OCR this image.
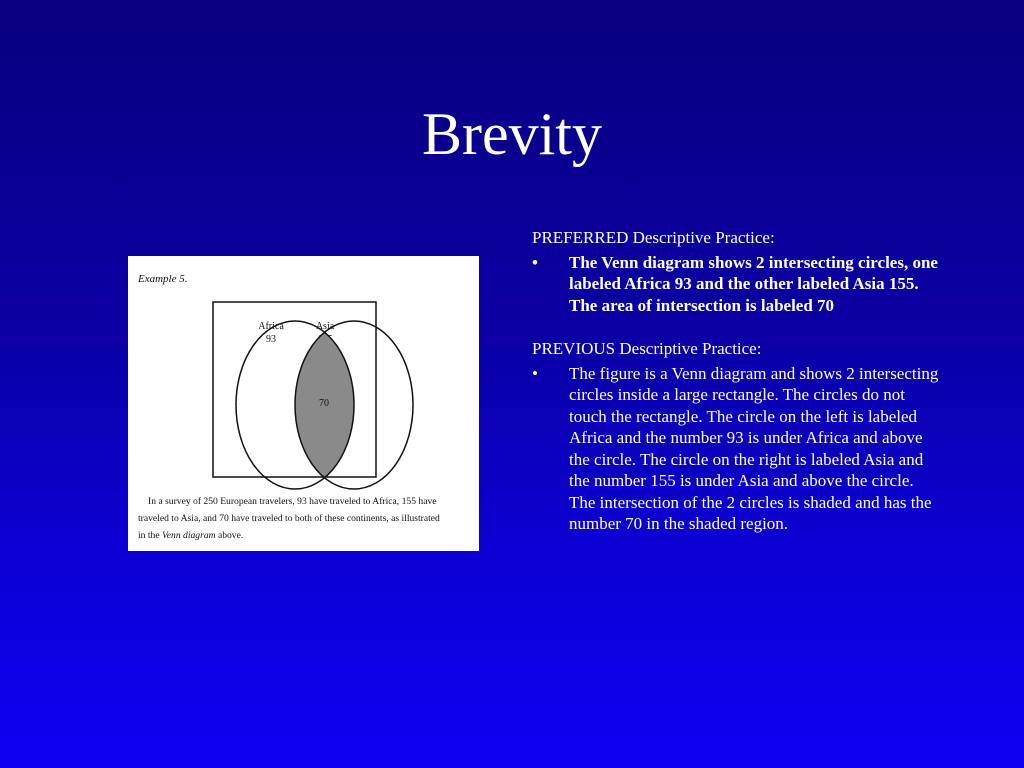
Brevity
Example 5.
Africa
93
Asia
70
In a survey of 250 European travelers, 93 have traveled to Africa, 155 have
traveled to Asia, and 70 have traveled to both of these continents, as illustrated
in the Venn diagram above.
PREFERRED Descriptive Practice:
• The Venn diagram shows 2 intersecting circles, one labeled Africa 93 and the other labeled Asia 155. The area of intersection is labeled 70
PREVIOUS Descriptive Practice:
• The figure is a Venn diagram and shows 2 intersecting circles inside a large rectangle. The circles do not touch the rectangle. The circle on the left is labeled Africa and the number 93 is under Africa and above the circle. The circle on the right is labeled Asia and the number 155 is under Asia and above the circle. The intersection of the 2 circles is shaded and has the number 70 in the shaded region.
